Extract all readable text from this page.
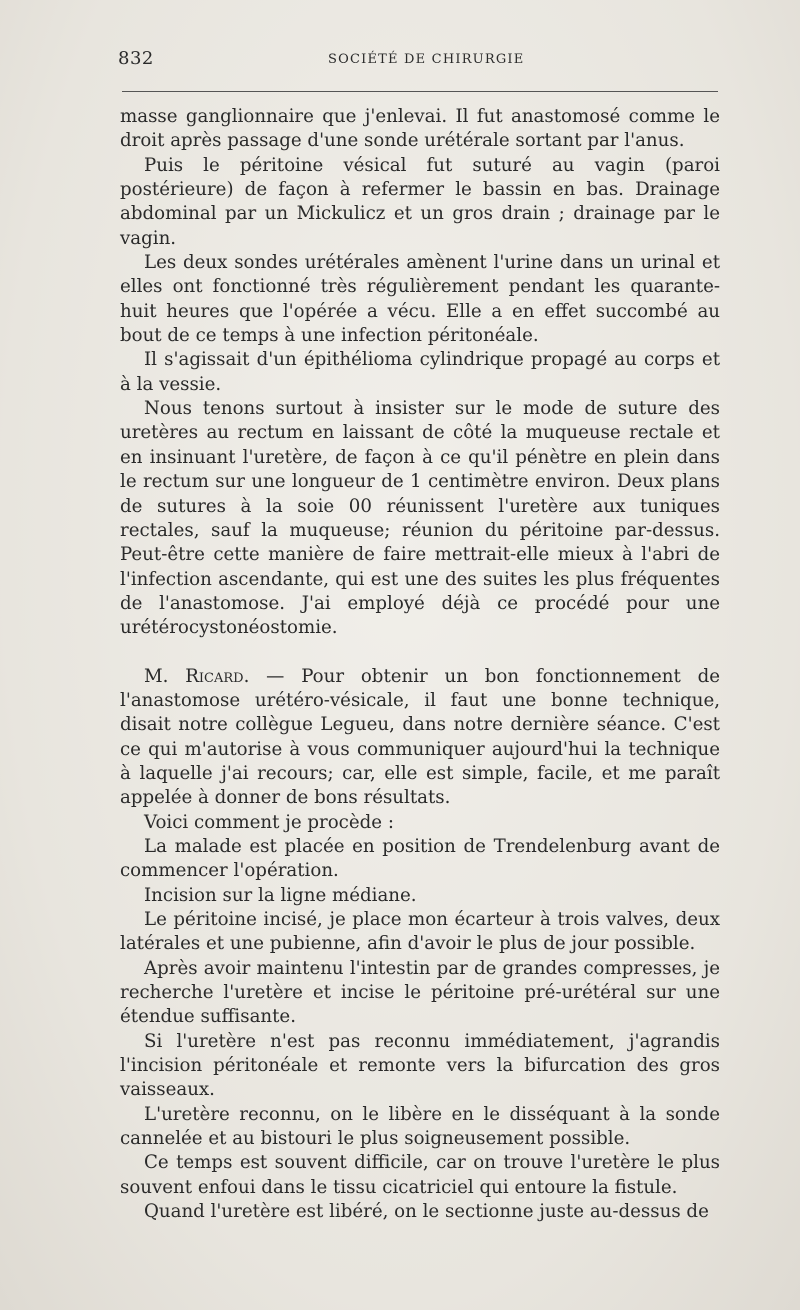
832	SOCIÉTÉ DE CHIRURGIE

masse ganglionnaire que j'enlevai. Il fut anastomosé comme le droit après passage d'une sonde urétérale sortant par l'anus.

Puis le péritoine vésical fut suturé au vagin (paroi postérieure) de façon à refermer le bassin en bas. Drainage abdominal par un Mickulicz et un gros drain ; drainage par le vagin.

Les deux sondes urétérales amènent l'urine dans un urinal et elles ont fonctionné très régulièrement pendant les quarante-huit heures que l'opérée a vécu. Elle a en effet succombé au bout de ce temps à une infection péritonéale.

Il s'agissait d'un épithélioma cylindrique propagé au corps et à la vessie.

Nous tenons surtout à insister sur le mode de suture des uretères au rectum en laissant de côté la muqueuse rectale et en insinuant l'uretère, de façon à ce qu'il pénètre en plein dans le rectum sur une longueur de 1 centimètre environ. Deux plans de sutures à la soie 00 réunissent l'uretère aux tuniques rectales, sauf la muqueuse; réunion du péritoine par-dessus. Peut-être cette manière de faire mettrait-elle mieux à l'abri de l'infection ascendante, qui est une des suites les plus fréquentes de l'anastomose. J'ai employé déjà ce procédé pour une urétérocystonéostomie.

M. Ricard. — Pour obtenir un bon fonctionnement de l'anastomose urétéro-vésicale, il faut une bonne technique, disait notre collègue Legueu, dans notre dernière séance. C'est ce qui m'autorise à vous communiquer aujourd'hui la technique à laquelle j'ai recours; car, elle est simple, facile, et me paraît appelée à donner de bons résultats.

Voici comment je procède :

La malade est placée en position de Trendelenburg avant de commencer l'opération.

Incision sur la ligne médiane.

Le péritoine incisé, je place mon écarteur à trois valves, deux latérales et une pubienne, afin d'avoir le plus de jour possible.

Après avoir maintenu l'intestin par de grandes compresses, je recherche l'uretère et incise le péritoine pré-urétéral sur une étendue suffisante.

Si l'uretère n'est pas reconnu immédiatement, j'agrandis l'incision péritonéale et remonte vers la bifurcation des gros vaisseaux.

L'uretère reconnu, on le libère en le disséquant à la sonde cannelée et au bistouri le plus soigneusement possible.

Ce temps est souvent difficile, car on trouve l'uretère le plus souvent enfoui dans le tissu cicatriciel qui entoure la fistule.

Quand l'uretère est libéré, on le sectionne juste au-dessus de
